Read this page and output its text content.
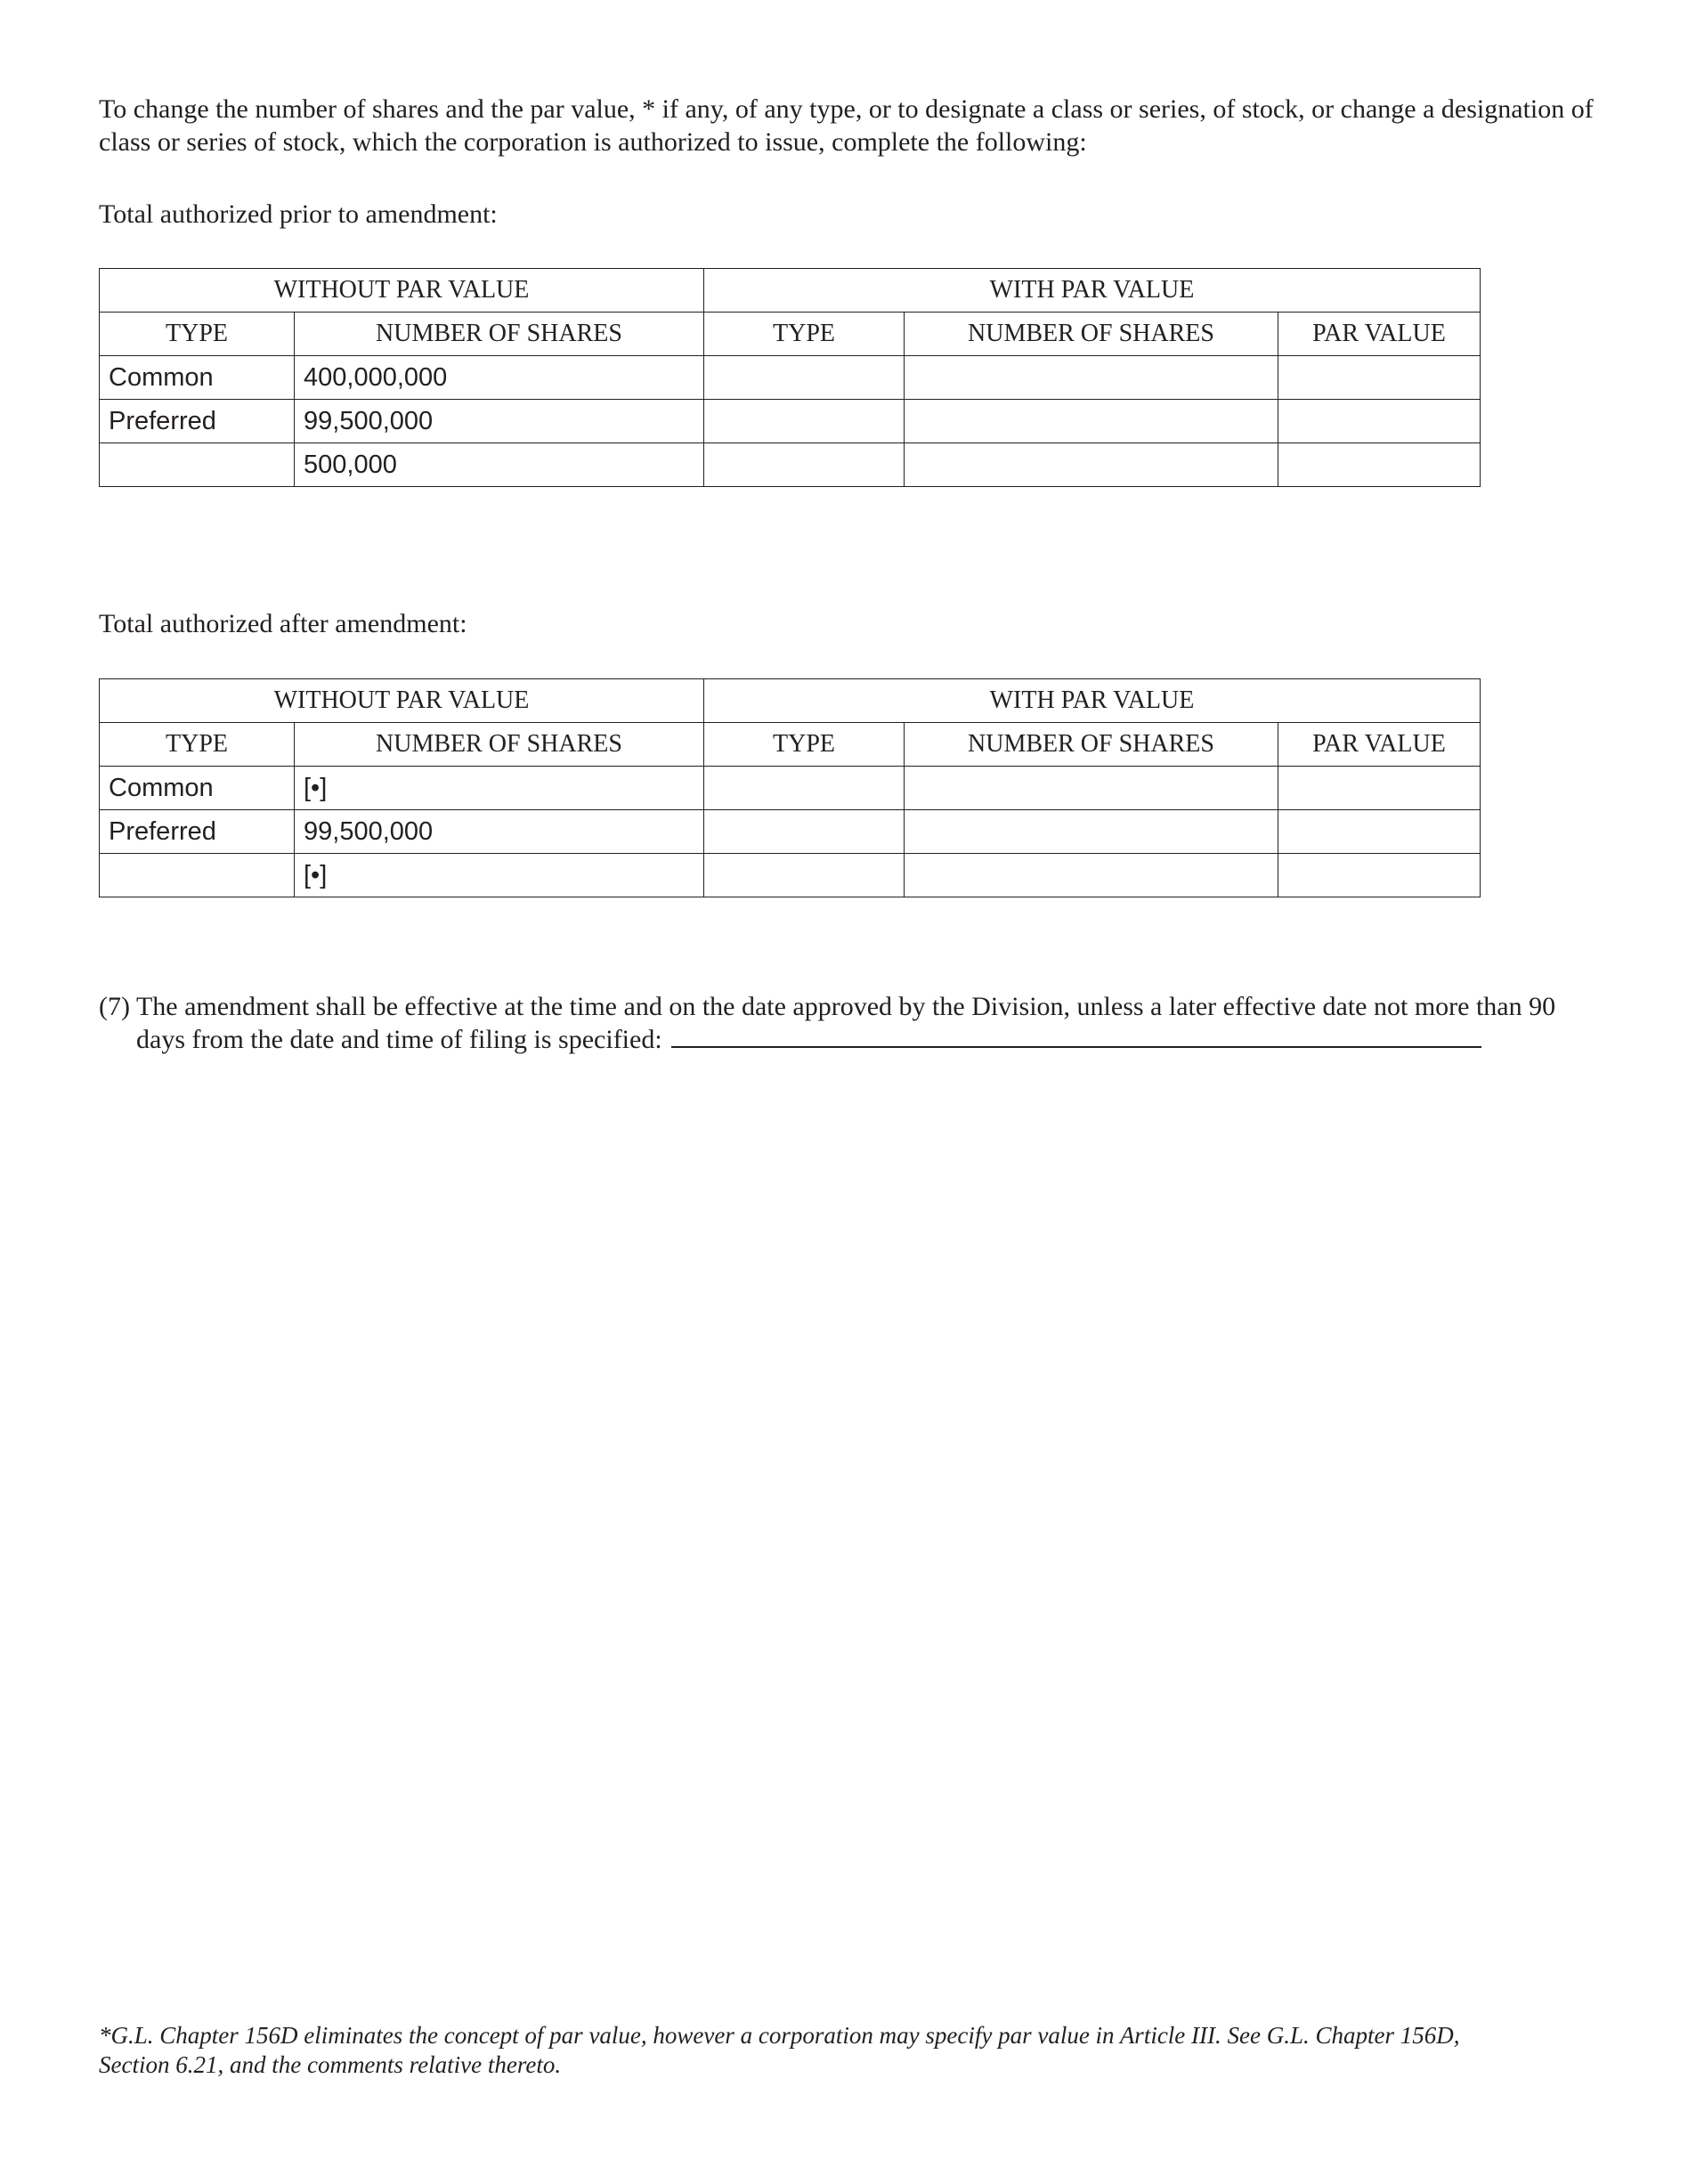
To change the number of shares and the par value, * if any, of any type, or to designate a class or series, of stock, or change a designation of class or series of stock, which the corporation is authorized to issue, complete the following:

Total authorized prior to amendment:

WITHOUT PAR VALUE		WITH PAR VALUE		
TYPE	NUMBER OF SHARES	TYPE	NUMBER OF SHARES	PAR VALUE
Common	400,000,000			
Preferred	99,500,000			
	500,000			

Total authorized after amendment:

WITHOUT PAR VALUE		WITH PAR VALUE		
TYPE	NUMBER OF SHARES	TYPE	NUMBER OF SHARES	PAR VALUE
Common	[•]			
Preferred	99,500,000			
	[•]			
(7) The amendment shall be effective at the time and on the date approved by the Division, unless a later effective date not more than 90
days from the date and time of filing is specified:

*G.L. Chapter 156D eliminates the concept of par value, however a corporation may specify par value in Article III. See G.L. Chapter 156D, Section 6.21, and the comments relative thereto.
